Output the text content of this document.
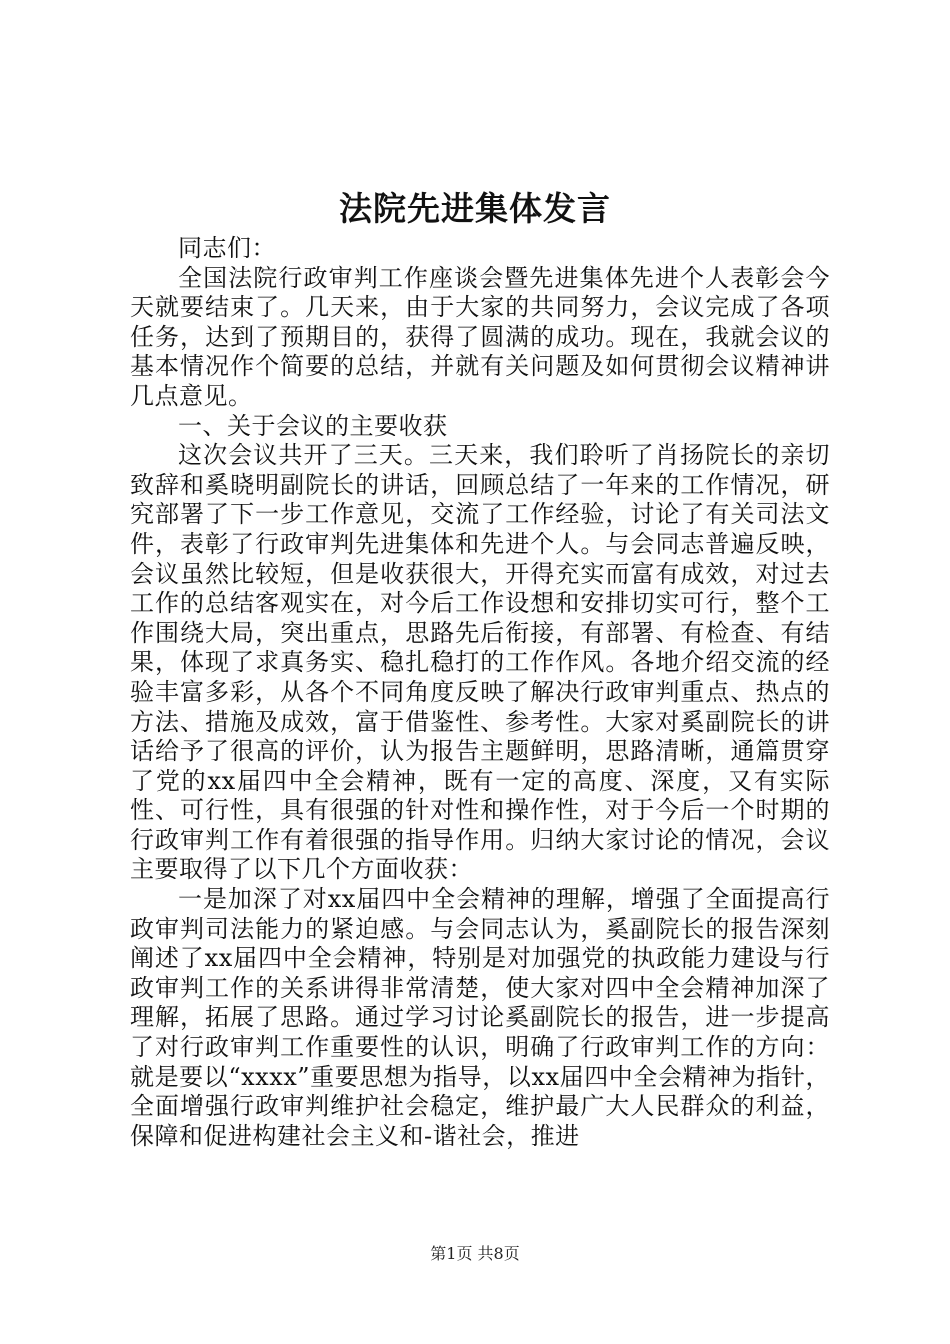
法院先进集体发言

同志们：

全国法院行政审判工作座谈会暨先进集体先进个人表彰会今天就要结束了。几天来，由于大家的共同努力，会议完成了各项任务，达到了预期目的，获得了圆满的成功。现在，我就会议的基本情况作个简要的总结，并就有关问题及如何贯彻会议精神讲几点意见。

一、关于会议的主要收获

这次会议共开了三天。三天来，我们聆听了肖扬院长的亲切致辞和奚晓明副院长的讲话，回顾总结了一年来的工作情况，研究部署了下一步工作意见，交流了工作经验，讨论了有关司法文件，表彰了行政审判先进集体和先进个人。与会同志普遍反映，会议虽然比较短，但是收获很大，开得充实而富有成效，对过去工作的总结客观实在，对今后工作设想和安排切实可行，整个工作围绕大局，突出重点，思路先后衔接，有部署、有检查、有结果，体现了求真务实、稳扎稳打的工作作风。各地介绍交流的经验丰富多彩，从各个不同角度反映了解决行政审判重点、热点的方法、措施及成效，富于借鉴性、参考性。大家对奚副院长的讲话给予了很高的评价，认为报告主题鲜明，思路清晰，通篇贯穿了党的xx届四中全会精神，既有一定的高度、深度，又有实际性、可行性，具有很强的针对性和操作性，对于今后一个时期的行政审判工作有着很强的指导作用。归纳大家讨论的情况，会议主要取得了以下几个方面收获：

一是加深了对xx届四中全会精神的理解，增强了全面提高行政审判司法能力的紧迫感。与会同志认为，奚副院长的报告深刻阐述了xx届四中全会精神，特别是对加强党的执政能力建设与行政审判工作的关系讲得非常清楚，使大家对四中全会精神加深了理解，拓展了思路。通过学习讨论奚副院长的报告，进一步提高了对行政审判工作重要性的认识，明确了行政审判工作的方向：就是要以“xxxx”重要思想为指导，以xx届四中全会精神为指针，全面增强行政审判维护社会稳定，维护最广大人民群众的利益，保障和促进构建社会主义和-谐社会，推进

第1页 共8页
